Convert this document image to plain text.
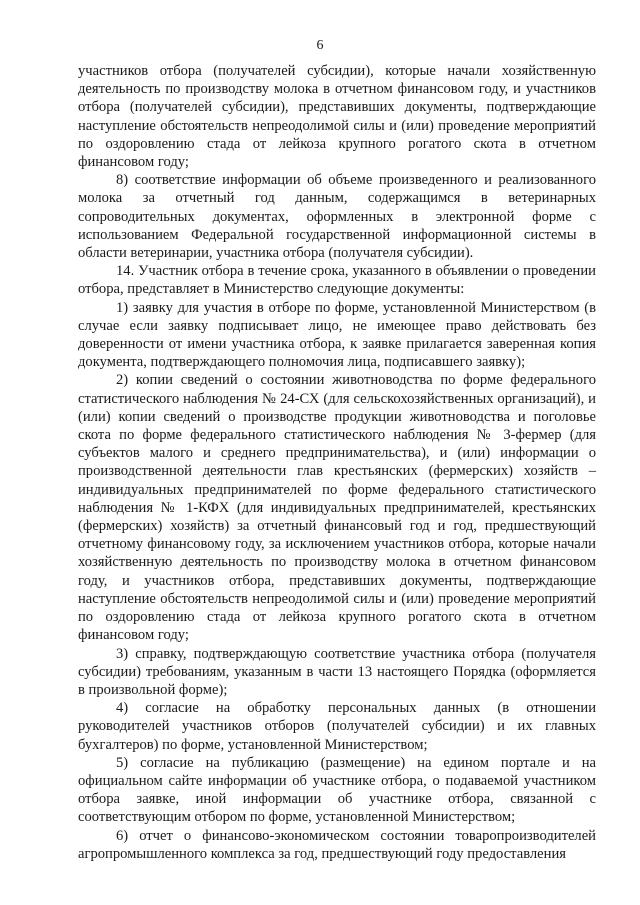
6

участников отбора (получателей субсидии), которые начали хозяйственную деятельность по производству молока в отчетном финансовом году, и участников отбора (получателей субсидии), представивших документы, подтверждающие наступление обстоятельств непреодолимой силы и (или) проведение мероприятий по оздоровлению стада от лейкоза крупного рогатого скота в отчетном финансовом году;

8) соответствие информации об объеме произведенного и реализованного молока за отчетный год данным, содержащимся в ветеринарных сопроводительных документах, оформленных в электронной форме с использованием Федеральной государственной информационной системы в области ветеринарии, участника отбора (получателя субсидии).

14. Участник отбора в течение срока, указанного в объявлении о проведении отбора, представляет в Министерство следующие документы:

1) заявку для участия в отборе по форме, установленной Министерством (в случае если заявку подписывает лицо, не имеющее право действовать без доверенности от имени участника отбора, к заявке прилагается заверенная копия документа, подтверждающего полномочия лица, подписавшего заявку);

2) копии сведений о состоянии животноводства по форме федерального статистического наблюдения № 24-СХ (для сельскохозяйственных организаций), и (или) копии сведений о производстве продукции животноводства и поголовье скота по форме федерального статистического наблюдения № 3-фермер (для субъектов малого и среднего предпринимательства), и (или) информации о производственной деятельности глав крестьянских (фермерских) хозяйств – индивидуальных предпринимателей по форме федерального статистического наблюдения № 1-КФХ (для индивидуальных предпринимателей, крестьянских (фермерских) хозяйств) за отчетный финансовый год и год, предшествующий отчетному финансовому году, за исключением участников отбора, которые начали хозяйственную деятельность по производству молока в отчетном финансовом году, и участников отбора, представивших документы, подтверждающие наступление обстоятельств непреодолимой силы и (или) проведение мероприятий по оздоровлению стада от лейкоза крупного рогатого скота в отчетном финансовом году;

3) справку, подтверждающую соответствие участника отбора (получателя субсидии) требованиям, указанным в части 13 настоящего Порядка (оформляется в произвольной форме);

4) согласие на обработку персональных данных (в отношении руководителей участников отборов (получателей субсидии) и их главных бухгалтеров) по форме, установленной Министерством;

5) согласие на публикацию (размещение) на едином портале и на официальном сайте информации об участнике отбора, о подаваемой участником отбора заявке, иной информации об участнике отбора, связанной с соответствующим отбором по форме, установленной Министерством;

6) отчет о финансово-экономическом состоянии товаропроизводителей агропромышленного комплекса за год, предшествующий году предоставления
